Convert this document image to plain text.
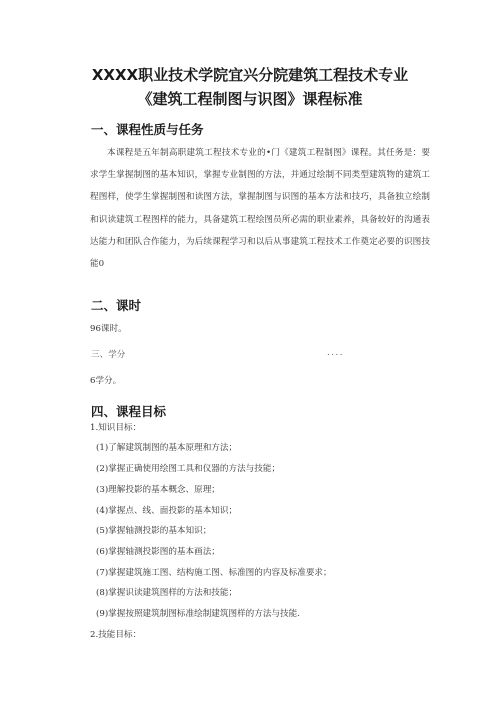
XXXX职业技术学院宜兴分院建筑工程技术专业
《建筑工程制图与识图》课程标准
一、课程性质与任务

本课程是五年制高职建筑工程技术专业的•门《建筑工程制图》课程。其任务是：要求学生掌握制图的基本知识，掌握专业制图的方法，并通过绘制不同类型建筑物的建筑工程图样，使学生掌握制图和读图方法，掌握制图与识图的基本方法和技巧，具备独立绘制和识读建筑工程图样的能力，具备建筑工程绘图员所必需的职业素养，具备较好的沟通表达能力和团队合作能力，为后续课程学习和以后从事建筑工程技术工作奠定必要的识图技能0

二、课时
96课时。
三、学分	....
6学分。
四、课程目标
1.知识目标：
(1)了解建筑制图的基本原理和方法；
(2)掌握正确使用绘图工具和仪器的方法与技能；
(3)理解投影的基本概念、原理；
(4)掌握点、线、面投影的基本知识；
(5)掌握轴测投影的基本知识；
(6)掌握轴测投影图的基本画法；
(7)掌握建筑施工图、结构施工图、标准图的内容及标准要求；
(8)掌握识读建筑图样的方法和技能；
(9)掌握按照建筑制图标准绘制建筑图样的方法与技能.
2.技能目标：
